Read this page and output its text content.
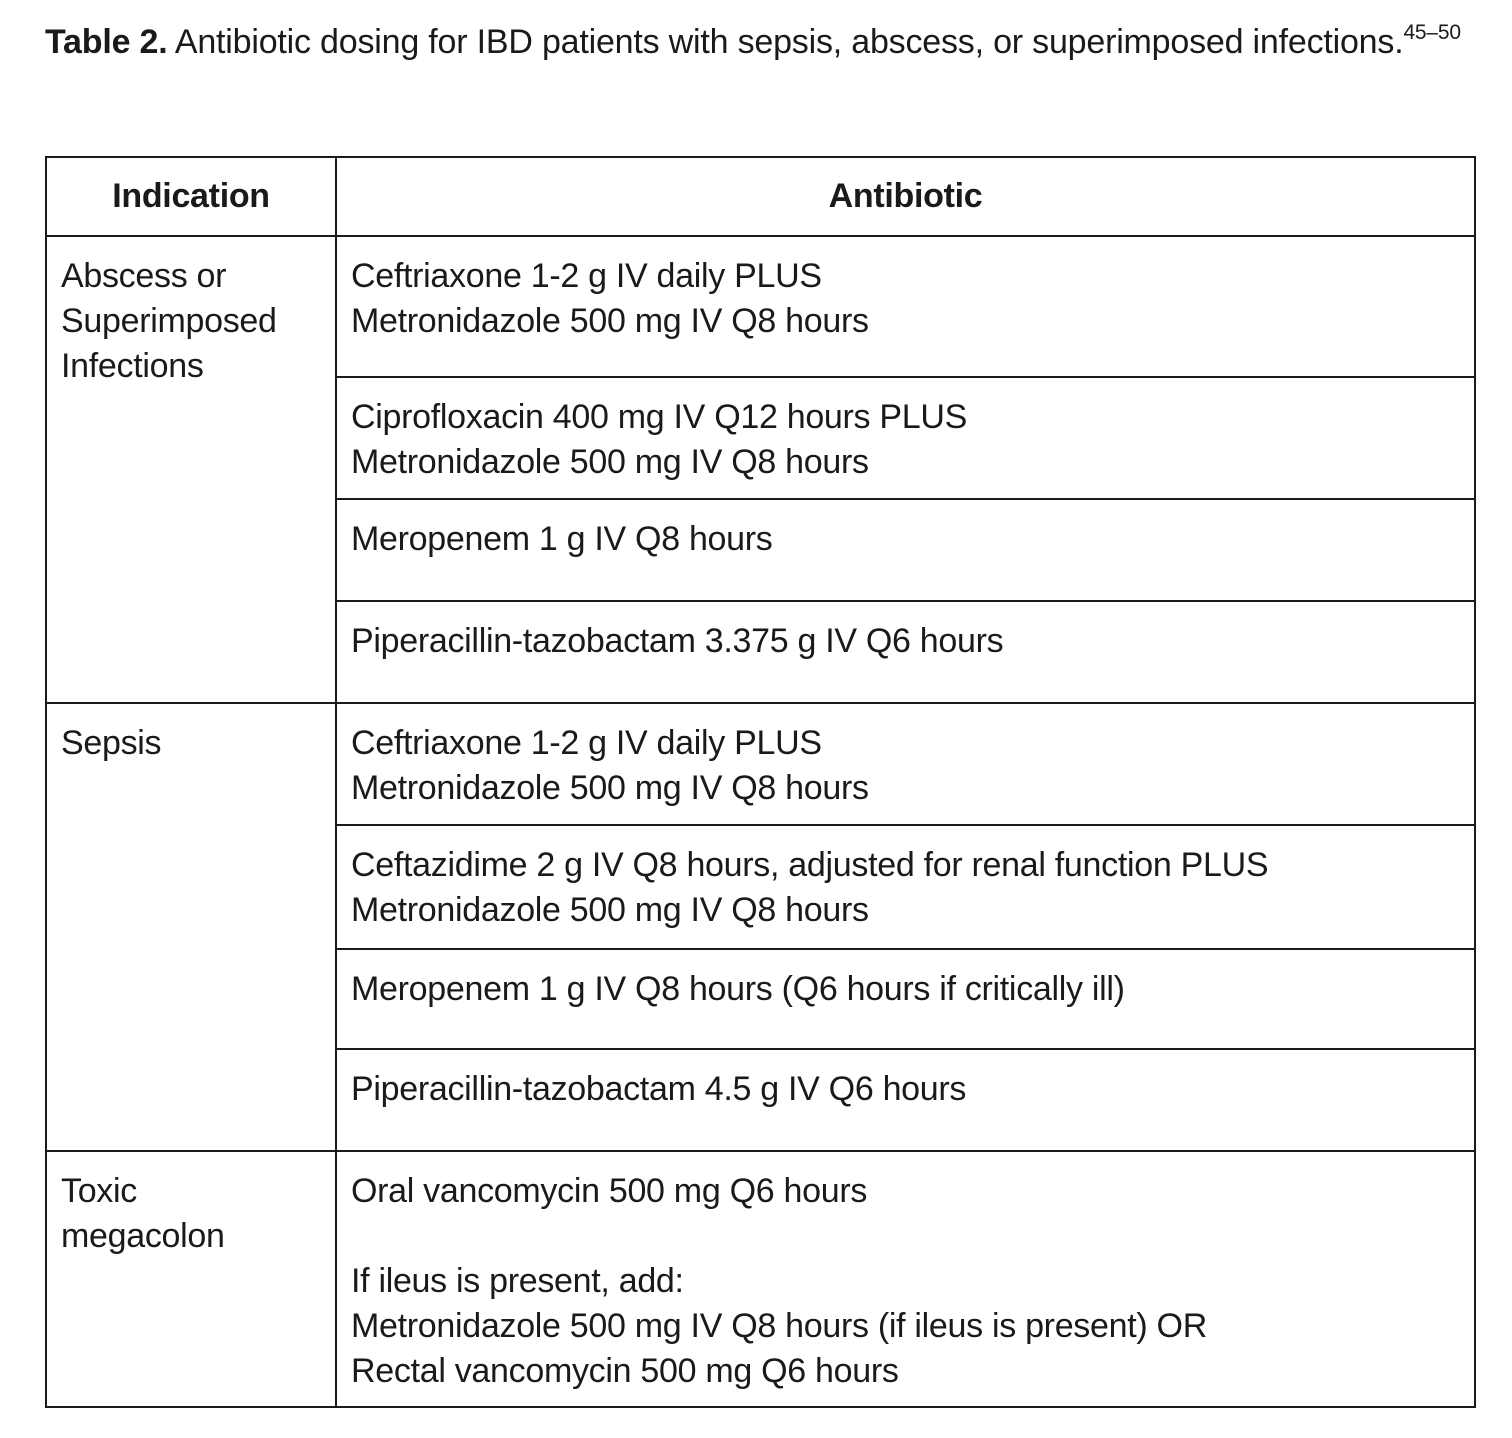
Table 2. Antibiotic dosing for IBD patients with sepsis, abscess, or superimposed infections.$^{45-50}$
Indication	Antibiotic

Abscess or
Superimposed
Infections	Ceftriaxone 1-2 g IV daily PLUS
Metronidazole 500 mg IV Q8 hours

	Ciprofloxacin 400 mg IV Q12 hours PLUS
Metronidazole 500 mg IV Q8 hours

	Meropenem 1 g IV Q8 hours

	Piperacillin-tazobactam 3.375 g IV Q6 hours

Sepsis	Ceftriaxone 1-2 g IV daily PLUS
Metronidazole 500 mg IV Q8 hours

	Ceftazidime 2 g IV Q8 hours, adjusted for renal function PLUS
Metronidazole 500 mg IV Q8 hours

	Meropenem 1 g IV Q8 hours (Q6 hours if critically ill)

	Piperacillin-tazobactam 4.5 g IV Q6 hours

Toxic
megacolon	Oral vancomycin 500 mg Q6 hours
If ileus is present, add:
Metronidazole 500 mg IV Q8 hours (if ileus is present) OR
Rectal vancomycin 500 mg Q6 hours
